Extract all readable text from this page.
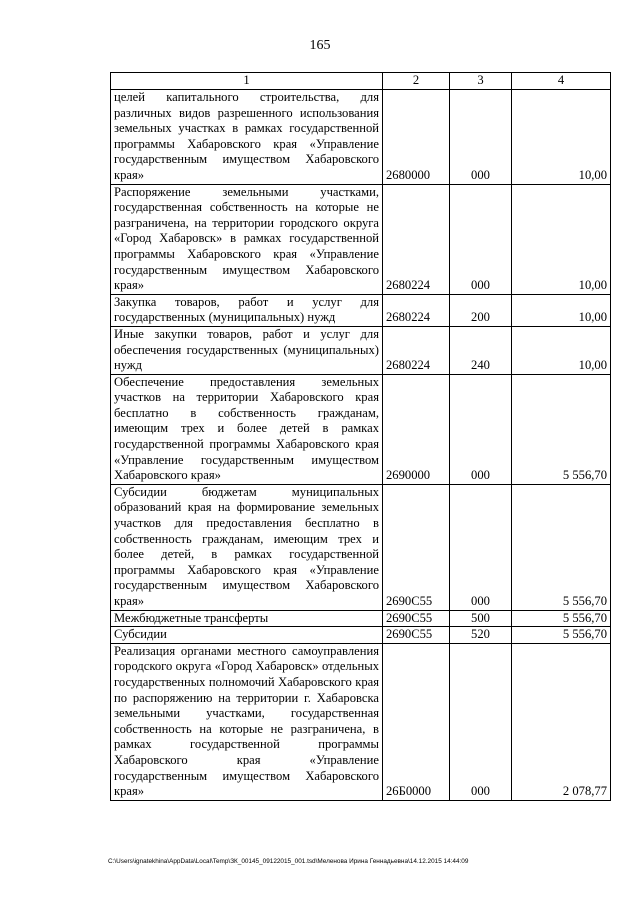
165
1	2	3	4
целей капитального строительства, для различных видов разрешенного использования земельных участках в рамках государственной программы Хабаровского края «Управление государственным имуществом Хабаровского края»	2680000	000	10,00
Распоряжение земельными участками, государственная собственность на которые не разграничена, на территории городского округа «Город Хабаровск» в рамках государственной программы Хабаровского края «Управление государственным имуществом Хабаровского края»	2680224	000	10,00
Закупка товаров, работ и услуг для государственных (муниципальных) нужд	2680224	200	10,00
Иные закупки товаров, работ и услуг для обеспечения государственных (муниципальных) нужд	2680224	240	10,00
Обеспечение предоставления земельных участков на территории Хабаровского края бесплатно в собственность гражданам, имеющим трех и более детей в рамках государственной программы Хабаровского края «Управление государственным имуществом Хабаровского края»	2690000	000	5 556,70
Субсидии бюджетам муниципальных образований края на формирование земельных участков для предоставления бесплатно в собственность гражданам, имеющим трех и более детей, в рамках государственной программы Хабаровского края «Управление государственным имуществом Хабаровского края»	2690С55	000	5 556,70
Межбюджетные трансферты	2690С55	500	5 556,70
Субсидии	2690С55	520	5 556,70
Реализация органами местного самоуправления городского округа «Город Хабаровск» отдельных государственных полномочий Хабаровского края по распоряжению на территории г. Хабаровска земельными участками, государственная собственность на которые не разграничена, в рамках государственной программы Хабаровского края «Управление государственным имуществом Хабаровского края»	26Б0000	000	2 078,77
C:\Users\ignatekhina\AppData\Local\Temp\ЗК_00145_09122015_001.tsd\Меленова Ирина Геннадьевна\14.12.2015 14:44:09
